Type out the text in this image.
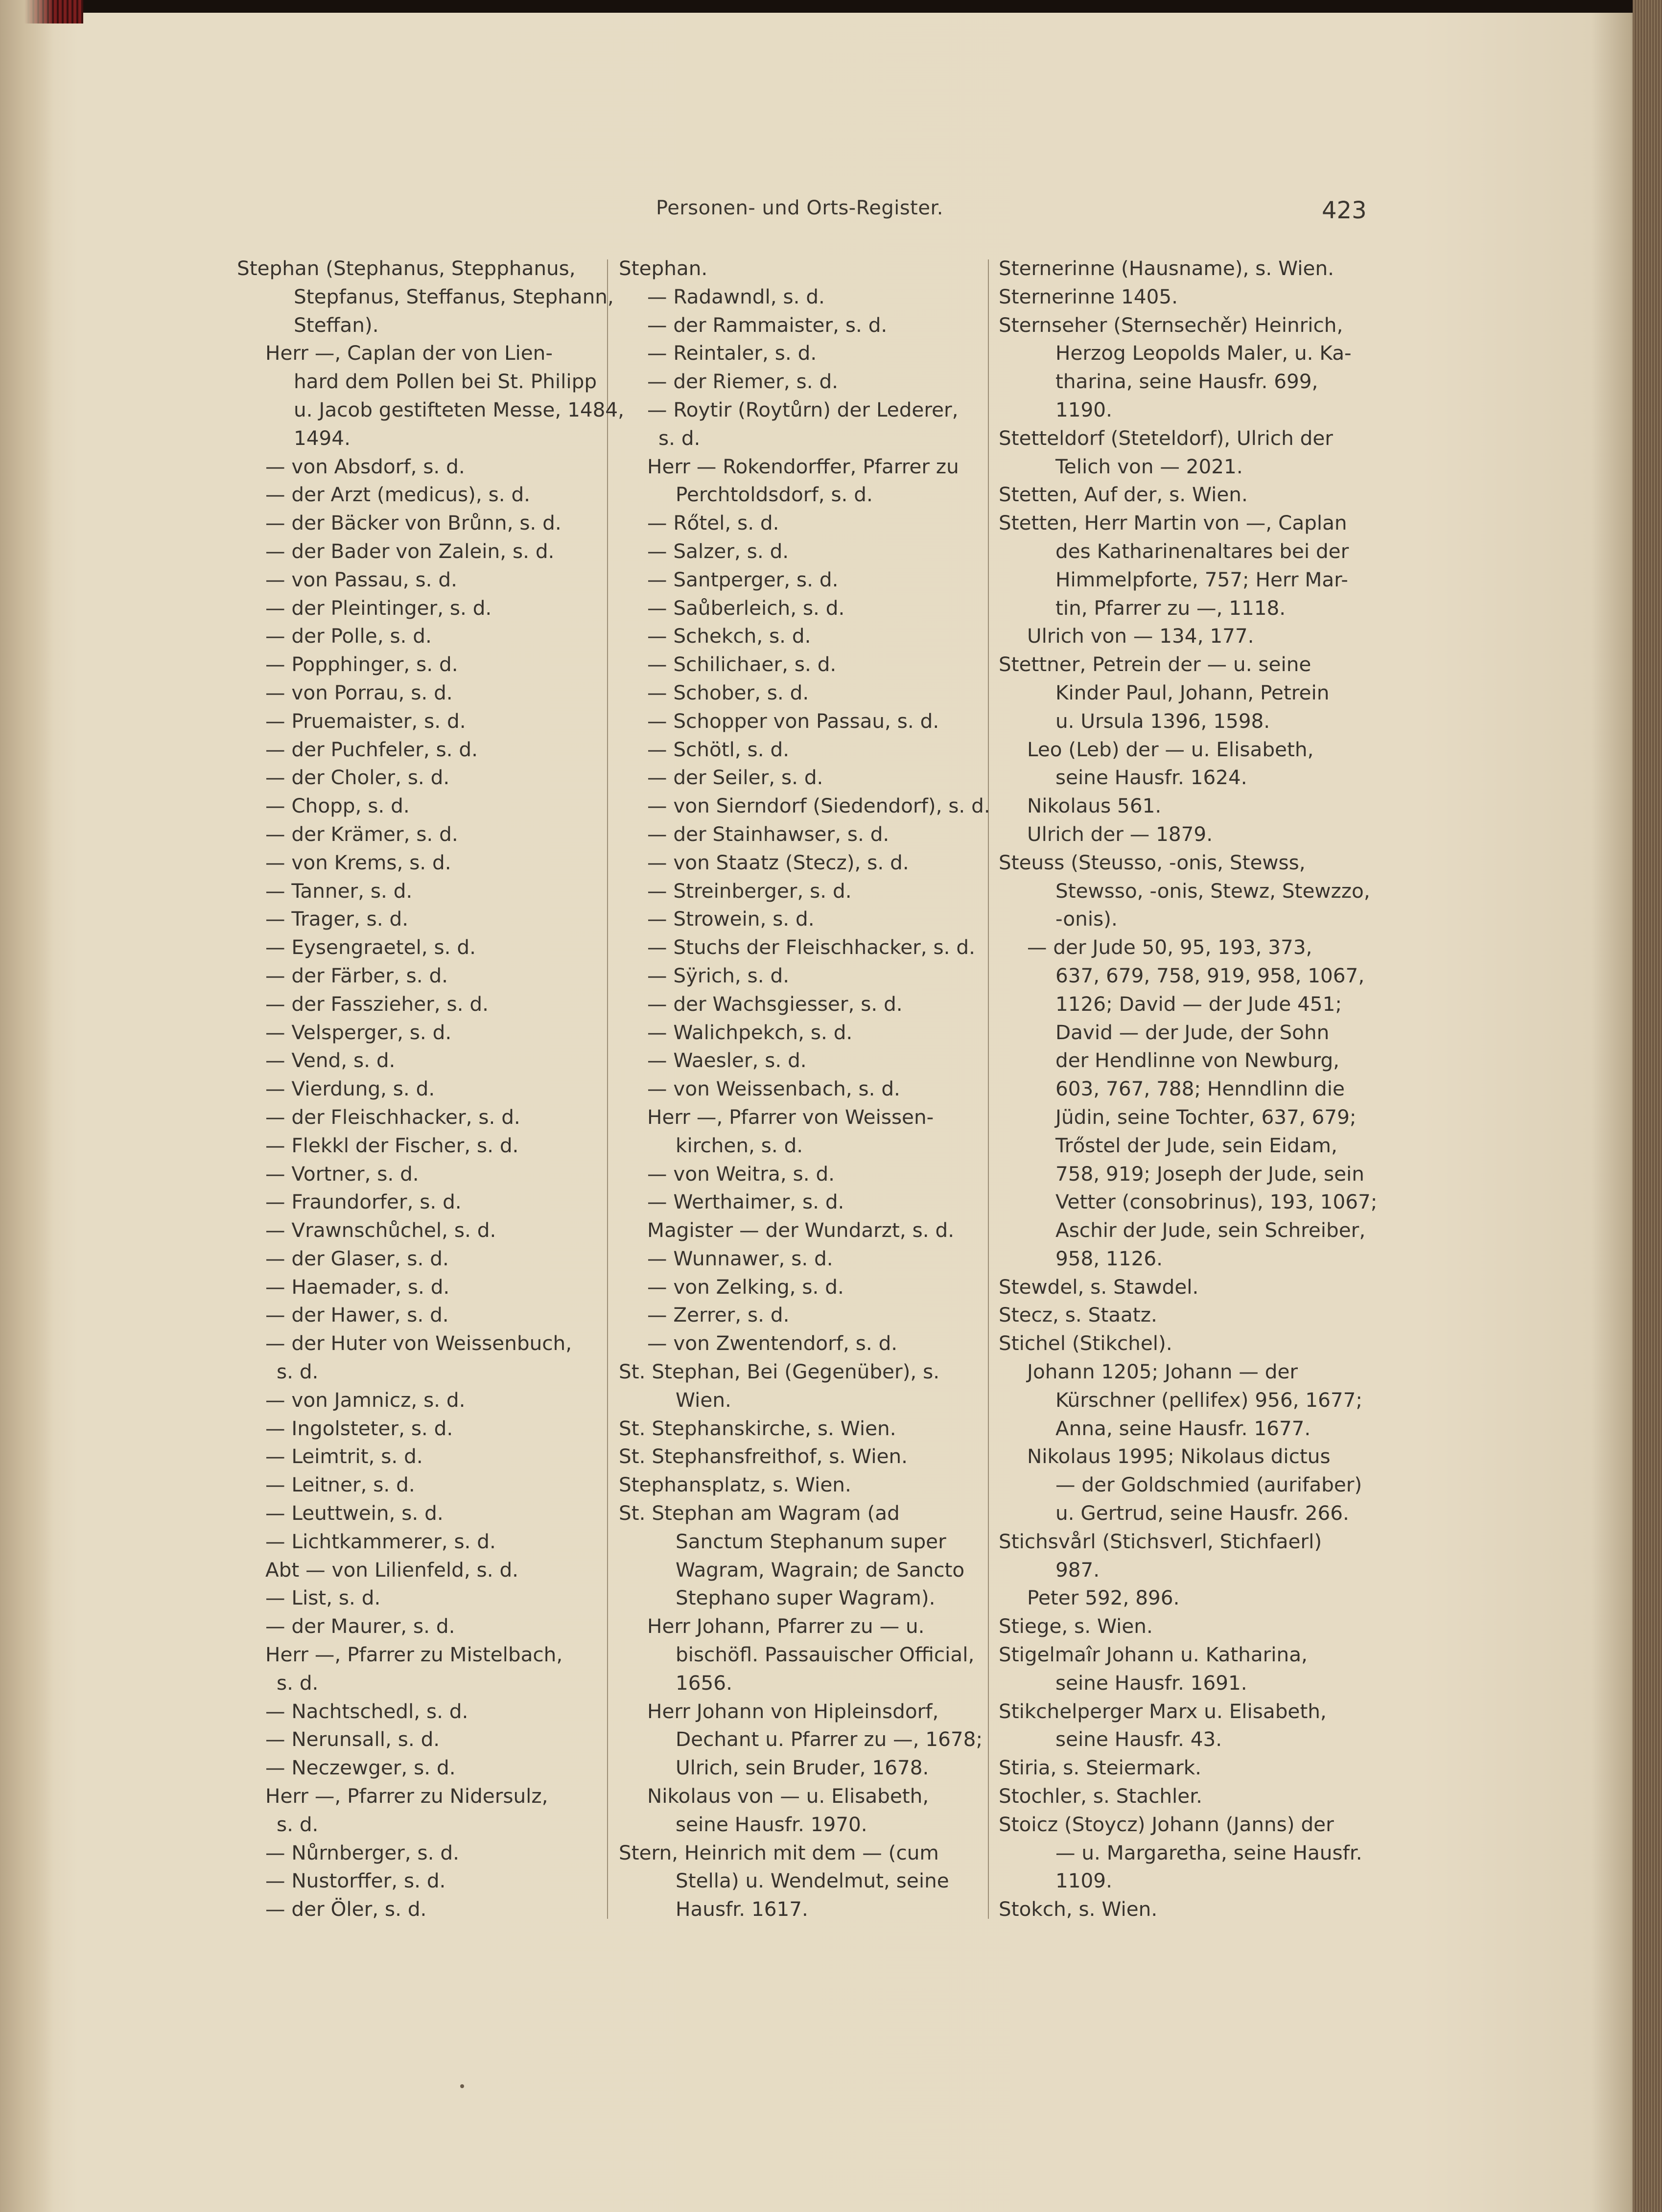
Personen- und Orts-Register.	423
Stephan (Stephanus, Stepphanus,
Stepfanus, Steffanus, Stephann,
Steffan).
Herr —, Caplan der von Lien-
hard dem Pollen bei St. Philipp
u. Jacob gestifteten Messe, 1484,
1494.
— von Absdorf, s. d.
— der Arzt (medicus), s. d.
— der Bäcker von Brůnn, s. d.
— der Bader von Zalein, s. d.
— von Passau, s. d.
— der Pleintinger, s. d.
— der Polle, s. d.
— Popphinger, s. d.
— von Porrau, s. d.
— Pruemaister, s. d.
— der Puchfeler, s. d.
— der Choler, s. d.
— Chopp, s. d.
— der Krämer, s. d.
— von Krems, s. d.
— Tanner, s. d.
— Trager, s. d.
— Eysengraetel, s. d.
— der Färber, s. d.
— der Fasszieher, s. d.
— Velsperger, s. d.
— Vend, s. d.
— Vierdung, s. d.
— der Fleischhacker, s. d.
— Flekkl der Fischer, s. d.
— Vortner, s. d.
— Fraundorfer, s. d.
— Vrawnschůchel, s. d.
— der Glaser, s. d.
— Haemader, s. d.
— der Hawer, s. d.
— der Huter von Weissenbuch,
s. d.
— von Jamnicz, s. d.
— Ingolsteter, s. d.
— Leimtrit, s. d.
— Leitner, s. d.
— Leuttwein, s. d.
— Lichtkammerer, s. d.
Abt — von Lilienfeld, s. d.
— List, s. d.
— der Maurer, s. d.
Herr —, Pfarrer zu Mistelbach,
s. d.
— Nachtschedl, s. d.
— Nerunsall, s. d.
— Neczewger, s. d.
Herr —, Pfarrer zu Nidersulz,
s. d.
— Nůrnberger, s. d.
— Nustorffer, s. d.
— der Öler, s. d.
Stephan.
— Radawndl, s. d.
— der Rammaister, s. d.
— Reintaler, s. d.
— der Riemer, s. d.
— Roytir (Roytůrn) der Lederer,
s. d.
Herr — Rokendorffer, Pfarrer zu
Perchtoldsdorf, s. d.
— Rőtel, s. d.
— Salzer, s. d.
— Santperger, s. d.
— Saůberleich, s. d.
— Schekch, s. d.
— Schilichaer, s. d.
— Schober, s. d.
— Schopper von Passau, s. d.
— Schötl, s. d.
— der Seiler, s. d.
— von Sierndorf (Siedendorf), s. d.
— der Stainhawser, s. d.
— von Staatz (Stecz), s. d.
— Streinberger, s. d.
— Strowein, s. d.
— Stuchs der Fleischhacker, s. d.
— Sÿrich, s. d.
— der Wachsgiesser, s. d.
— Walichpekch, s. d.
— Waesler, s. d.
— von Weissenbach, s. d.
Herr —, Pfarrer von Weissen-
kirchen, s. d.
— von Weitra, s. d.
— Werthaimer, s. d.
Magister — der Wundarzt, s. d.
— Wunnawer, s. d.
— von Zelking, s. d.
— Zerrer, s. d.
— von Zwentendorf, s. d.
St. Stephan, Bei (Gegenüber), s.
Wien.
St. Stephanskirche, s. Wien.
St. Stephansfreithof, s. Wien.
Stephansplatz, s. Wien.
St. Stephan am Wagram (ad
Sanctum Stephanum super
Wagram, Wagrain; de Sancto
Stephano super Wagram).
Herr Johann, Pfarrer zu — u.
bischöfl. Passauischer Official,
1656.
Herr Johann von Hipleinsdorf,
Dechant u. Pfarrer zu —, 1678;
Ulrich, sein Bruder, 1678.
Nikolaus von — u. Elisabeth,
seine Hausfr. 1970.
Stern, Heinrich mit dem — (cum
Stella) u. Wendelmut, seine
Hausfr. 1617.
Sternerinne (Hausname), s. Wien.
Sternerinne 1405.
Sternseher (Sternsechěr) Heinrich,
Herzog Leopolds Maler, u. Ka-
tharina, seine Hausfr. 699,
1190.
Stetteldorf (Steteldorf), Ulrich der
Telich von — 2021.
Stetten, Auf der, s. Wien.
Stetten, Herr Martin von —, Caplan
des Katharinenaltares bei der
Himmelpforte, 757; Herr Mar-
tin, Pfarrer zu —, 1118.
Ulrich von — 134, 177.
Stettner, Petrein der — u. seine
Kinder Paul, Johann, Petrein
u. Ursula 1396, 1598.
Leo (Leb) der — u. Elisabeth,
seine Hausfr. 1624.
Nikolaus 561.
Ulrich der — 1879.
Steuss (Steusso, -onis, Stewss,
Stewsso, -onis, Stewz, Stewzzo,
-onis).
— der Jude 50, 95, 193, 373,
637, 679, 758, 919, 958, 1067,
1126; David — der Jude 451;
David — der Jude, der Sohn
der Hendlinne von Newburg,
603, 767, 788; Henndlinn die
Jüdin, seine Tochter, 637, 679;
Trőstel der Jude, sein Eidam,
758, 919; Joseph der Jude, sein
Vetter (consobrinus), 193, 1067;
Aschir der Jude, sein Schreiber,
958, 1126.
Stewdel, s. Stawdel.
Stecz, s. Staatz.
Stichel (Stikchel).
Johann 1205; Johann — der
Kürschner (pellifex) 956, 1677;
Anna, seine Hausfr. 1677.
Nikolaus 1995; Nikolaus dictus
— der Goldschmied (aurifaber)
u. Gertrud, seine Hausfr. 266.
Stichsvårl (Stichsverl, Stichfaerl)
987.
Peter 592, 896.
Stiege, s. Wien.
Stigelmaîr Johann u. Katharina,
seine Hausfr. 1691.
Stikchelperger Marx u. Elisabeth,
seine Hausfr. 43.
Stiria, s. Steiermark.
Stochler, s. Stachler.
Stoicz (Stoycz) Johann (Janns) der
— u. Margaretha, seine Hausfr.
1109.
Stokch, s. Wien.
